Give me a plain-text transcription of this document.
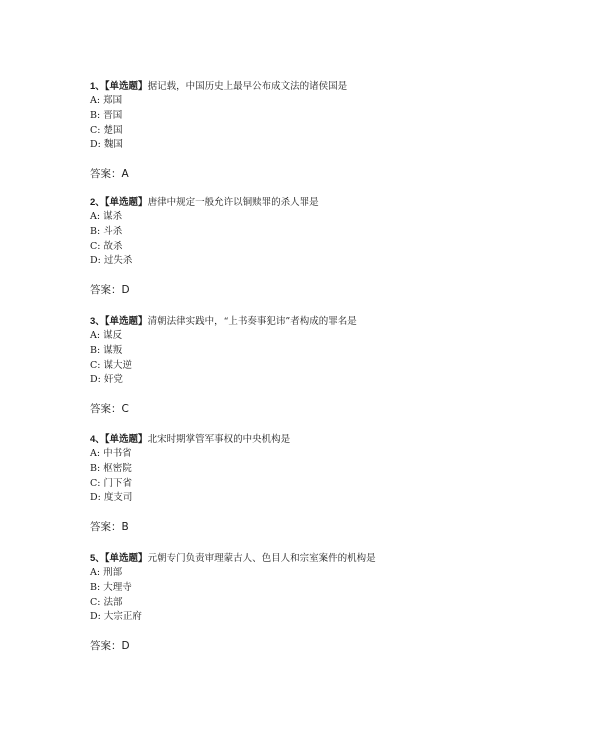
1、【单选题】据记载，中国历史上最早公布成文法的诸侯国是
A: 郑国
B: 晋国
C: 楚国
D: 魏国
答案：A
2、【单选题】唐律中规定一般允许以铜赎罪的杀人罪是
A: 谋杀
B: 斗杀
C: 故杀
D: 过失杀
答案：D
3、【单选题】清朝法律实践中，“上书奏事犯讳”者构成的罪名是
A: 谋反
B: 谋叛
C: 谋大逆
D: 奸党
答案：C
4、【单选题】北宋时期掌管军事权的中央机构是
A: 中书省
B: 枢密院
C: 门下省
D: 度支司
答案：B
5、【单选题】元朝专门负责审理蒙古人、色目人和宗室案件的机构是
A: 刑部
B: 大理寺
C: 法部
D: 大宗正府
答案：D
